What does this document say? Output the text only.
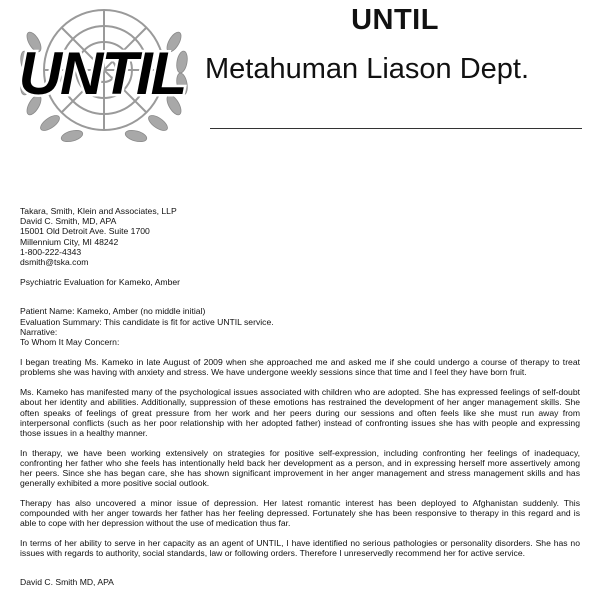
UNTIL
UNTIL
Metahuman Liason Dept.
Takara, Smith, Klein and Associates, LLP
David C. Smith, MD, APA
15001 Old Detroit Ave. Suite 1700
Millennium City, MI 48242
1-800-222-4343
dsmith@tska.com
Psychiatric Evaluation for Kameko, Amber
Patient Name: Kameko, Amber (no middle initial)
Evaluation Summary: This candidate is fit for active UNTIL service.
Narrative:
To Whom It May Concern:

I began treating Ms. Kameko in late August of 2009 when she approached me and asked me if she could undergo a course of therapy to treat problems she was having with anxiety and stress. We have undergone weekly sessions since that time and I feel they have born fruit.

Ms. Kameko has manifested many of the psychological issues associated with children who are adopted. She has expressed feelings of self-doubt about her identity and abilities. Additionally, suppression of these emotions has restrained the development of her anger management skills. She often speaks of feelings of great pressure from her work and her peers during our sessions and often feels like she must run away from interpersonal conflicts (such as her poor relationship with her adopted father) instead of confronting issues she has with people and expressing those issues in a healthy manner.

In therapy, we have been working extensively on strategies for positive self-expression, including confronting her feelings of inadequacy, confronting her father who she feels has intentionally held back her development as a person, and in expressing herself more assertively among her peers. Since she has began care, she has shown significant improvement in her anger management and stress management skills and has generally exhibited a more positive social outlook.

Therapy has also uncovered a minor issue of depression. Her latest romantic interest has been deployed to Afghanistan suddenly. This compounded with her anger towards her father has her feeling depressed. Fortunately she has been responsive to therapy in this regard and is able to cope with her depression without the use of medication thus far.

In terms of her ability to serve in her capacity as an agent of UNTIL, I have identified no serious pathologies or personality disorders. She has no issues with regards to authority, social standards, law or following orders. Therefore I unreservedly recommend her for active service.

David C. Smith MD, APA
